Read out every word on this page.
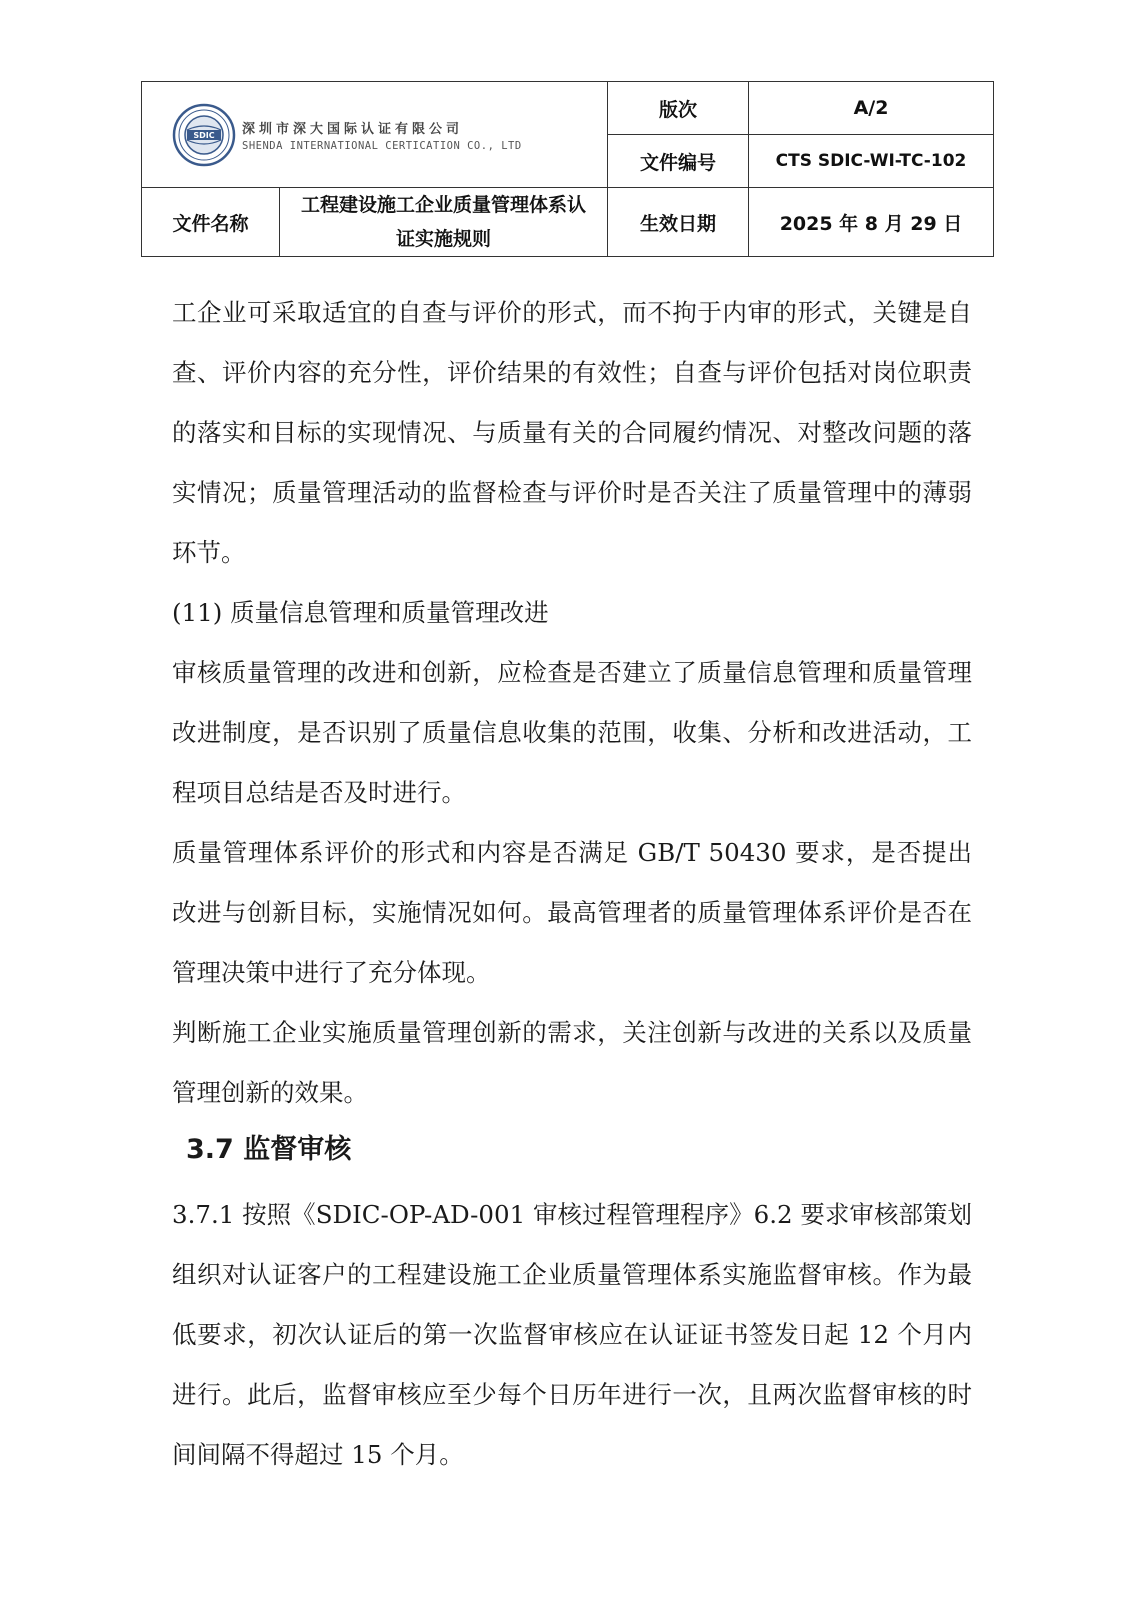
SDIC 深圳市深大国际认证有限公司
SHENDA INTERNATIONAL CERTICATION CO., LTD		版次	A/2
		文件编号	CTS SDIC-WI-TC-102
文件名称	工程建设施工企业质量管理体系认证实施规则	生效日期	2025 年 8 月 29 日

工企业可采取适宜的自查与评价的形式，而不拘于内审的形式，关键是自查、评价内容的充分性，评价结果的有效性；自查与评价包括对岗位职责的落实和目标的实现情况、与质量有关的合同履约情况、对整改问题的落实情况；质量管理活动的监督检查与评价时是否关注了质量管理中的薄弱环节。

(11) 质量信息管理和质量管理改进

审核质量管理的改进和创新，应检查是否建立了质量信息管理和质量管理改进制度，是否识别了质量信息收集的范围，收集、分析和改进活动，工程项目总结是否及时进行。

质量管理体系评价的形式和内容是否满足 GB/T 50430 要求，是否提出改进与创新目标，实施情况如何。最高管理者的质量管理体系评价是否在管理决策中进行了充分体现。

判断施工企业实施质量管理创新的需求，关注创新与改进的关系以及质量管理创新的效果。

3.7 监督审核

3.7.1 按照《SDIC-OP-AD-001 审核过程管理程序》6.2 要求审核部策划组织对认证客户的工程建设施工企业质量管理体系实施监督审核。作为最低要求，初次认证后的第一次监督审核应在认证证书签发日起 12 个月内进行。此后，监督审核应至少每个日历年进行一次，且两次监督审核的时间间隔不得超过 15 个月。
